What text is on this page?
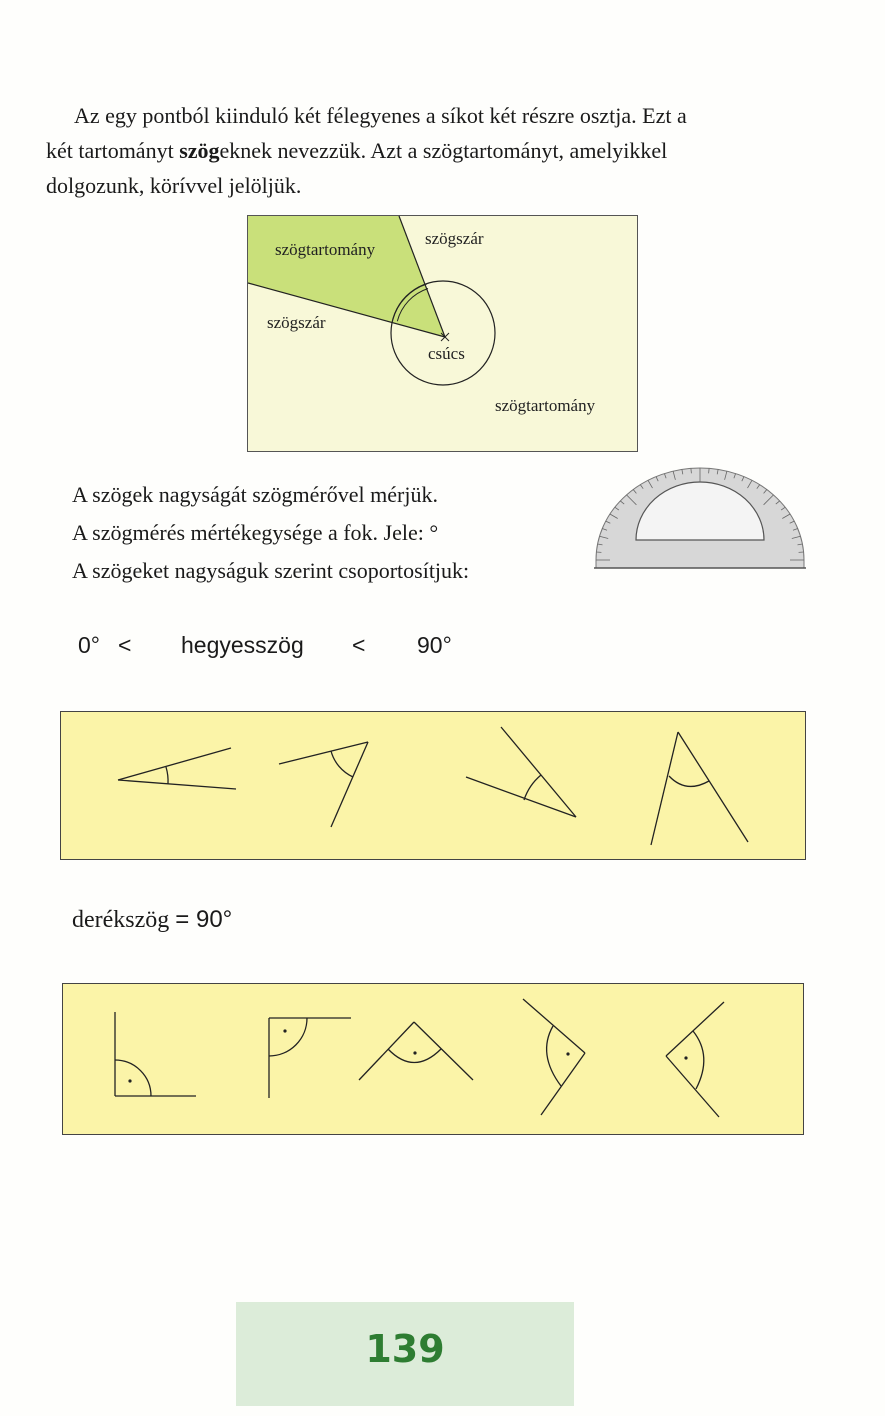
Az egy pontból kiinduló két félegyenes a síkot két részre osztja. Ezt a

két tartományt szögeknek nevezzük. Azt a szögtartományt, amelyikkel

dolgozunk, körívvel jelöljük.

szögtartomány
szögszár
szögszár
csúcs
szögtartomány

A szögek nagyságát szögmérővel mérjük.

A szögmérés mértékegysége a fok. Jele: °

A szögeket nagyságuk szerint csoportosítjuk:

0° < hegyesszög < 90°
derékszög = 90°
139
